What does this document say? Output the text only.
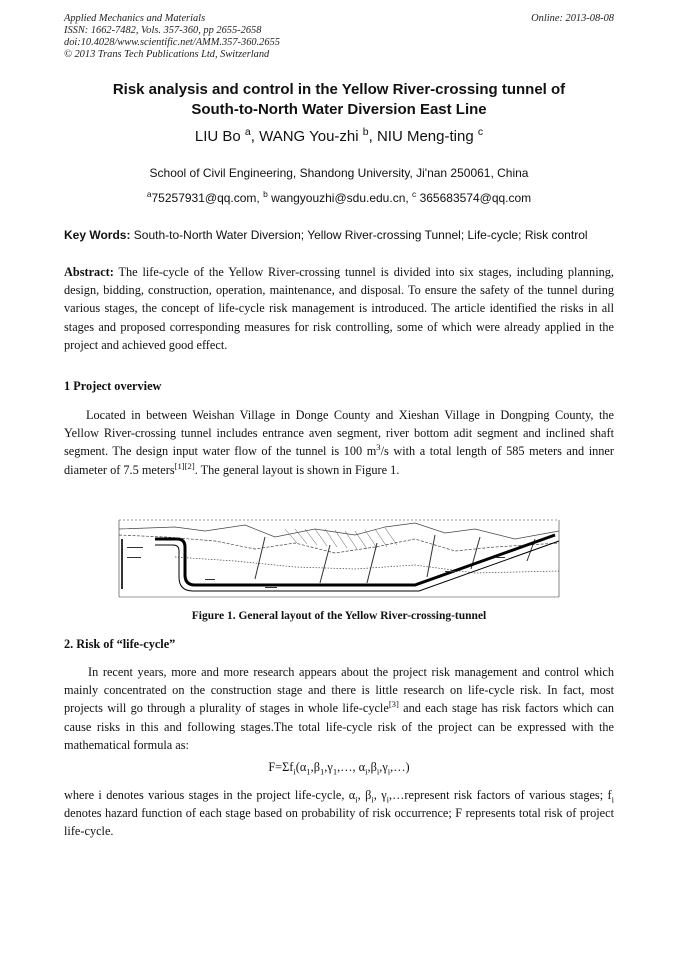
Applied Mechanics and Materials
ISSN: 1662-7482, Vols. 357-360, pp 2655-2658
doi:10.4028/www.scientific.net/AMM.357-360.2655
© 2013 Trans Tech Publications Ltd, Switzerland
Online: 2013-08-08
Risk analysis and control in the Yellow River-crossing tunnel of
South-to-North Water Diversion East Line
LIU Bo $^a$, WANG You-zhi $^b$, NIU Meng-ting $^c$
School of Civil Engineering, Shandong University, Ji'nan 250061, China
$^a$75257931@qq.com, $^b$ wangyouzhi@sdu.edu.cn, $^c$ 365683574@qq.com
Key Words: South-to-North Water Diversion; Yellow River-crossing Tunnel; Life-cycle; Risk control
Abstract: The life-cycle of the Yellow River-crossing tunnel is divided into six stages, including planning, design, bidding, construction, operation, maintenance, and disposal. To ensure the safety of the tunnel during various stages, the concept of life-cycle risk management is introduced. The article identified the risks in all stages and proposed corresponding measures for risk controlling, some of which were already applied in the project and achieved good effect.
1 Project overview
Located in between Weishan Village in Donge County and Xieshan Village in Dongping County, the Yellow River-crossing tunnel includes entrance aven segment, river bottom adit segment and inclined shaft segment. The design input water flow of the tunnel is 100 $m^3/s$ with a total length of 585 meters and inner diameter of 7.5 meters[1][2]. The general layout is shown in Figure 1.
Figure 1. General layout of the Yellow River-crossing-tunnel
2. Risk of “life-cycle”
In recent years, more and more research appears about the project risk management and control which mainly concentrated on the construction stage and there is little research on life-cycle risk. In fact, most projects will go through a plurality of stages in whole life-cycle[3] and each stage has risk factors which can cause risks in this and following stages.The total life-cycle risk of the project can be expressed with the mathematical formula as:
$F=\Sigma f_i(\alpha_1,\beta_1,\gamma_1,\dots$, $\alpha_i,\beta_i,\gamma_i,\dots$)
where i denotes various stages in the project life-cycle, $\alpha_i$, $\beta_i$, $\gamma_i,\dots represent$ risk factors of various stages; $f_i$ denotes hazard function of each stage based on probability of risk occurrence; F represents total risk of project life-cycle.
